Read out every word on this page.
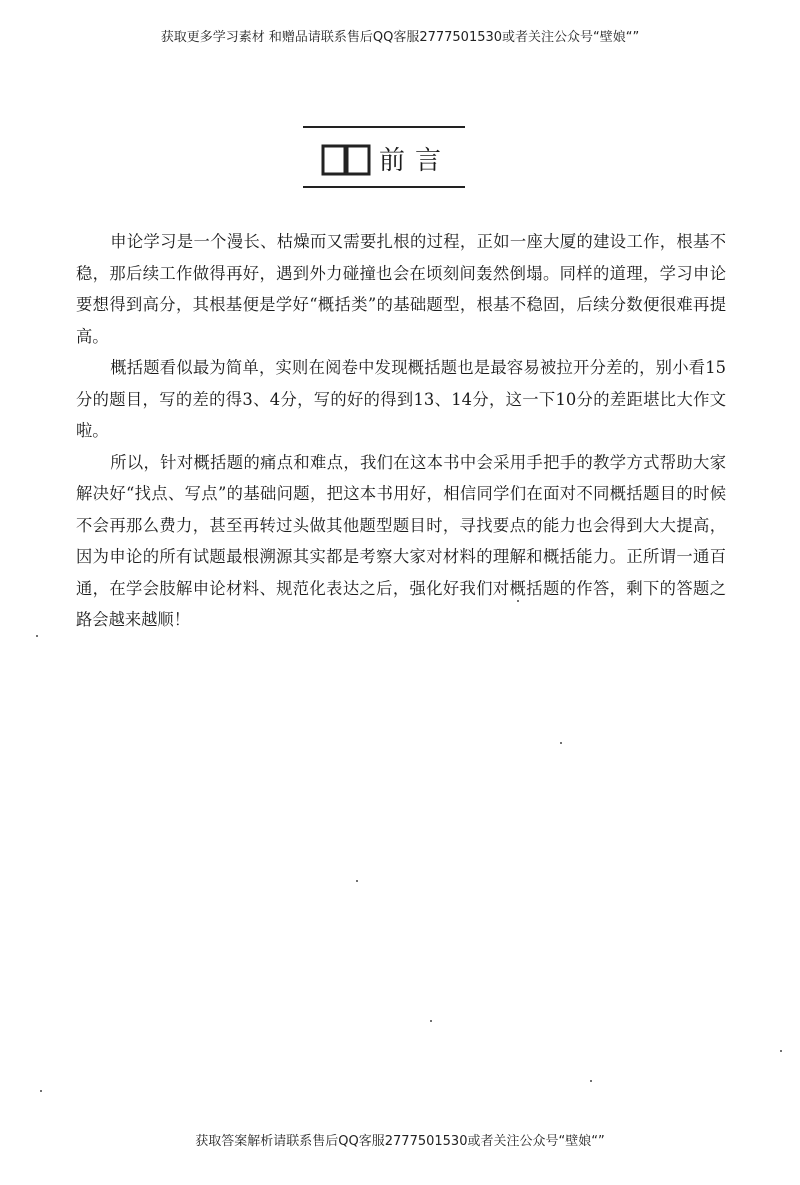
获取更多学习素材 和赠品请联系售后QQ客服2777501530或者关注公众号“壁娘“”
前言

申论学习是一个漫长、枯燥而又需要扎根的过程，正如一座大厦的建设工作，根基不稳，那后续工作做得再好，遇到外力碰撞也会在顷刻间轰然倒塌。同样的道理，学习申论要想得到高分，其根基便是学好“概括类”的基础题型，根基不稳固，后续分数便很难再提高。

概括题看似最为简单，实则在阅卷中发现概括题也是最容易被拉开分差的，别小看15分的题目，写的差的得3、4分，写的好的得到13、14分，这一下10分的差距堪比大作文啦。

所以，针对概括题的痛点和难点，我们在这本书中会采用手把手的教学方式帮助大家解决好“找点、写点”的基础问题，把这本书用好，相信同学们在面对不同概括题目的时候不会再那么费力，甚至再转过头做其他题型题目时，寻找要点的能力也会得到大大提高，因为申论的所有试题最根溯源其实都是考察大家对材料的理解和概括能力。正所谓一通百通，在学会肢解申论材料、规范化表达之后，强化好我们对概括题的作答，剩下的答题之路会越来越顺！

获取答案解析请联系售后QQ客服2777501530或者关注公众号“壁娘“”
